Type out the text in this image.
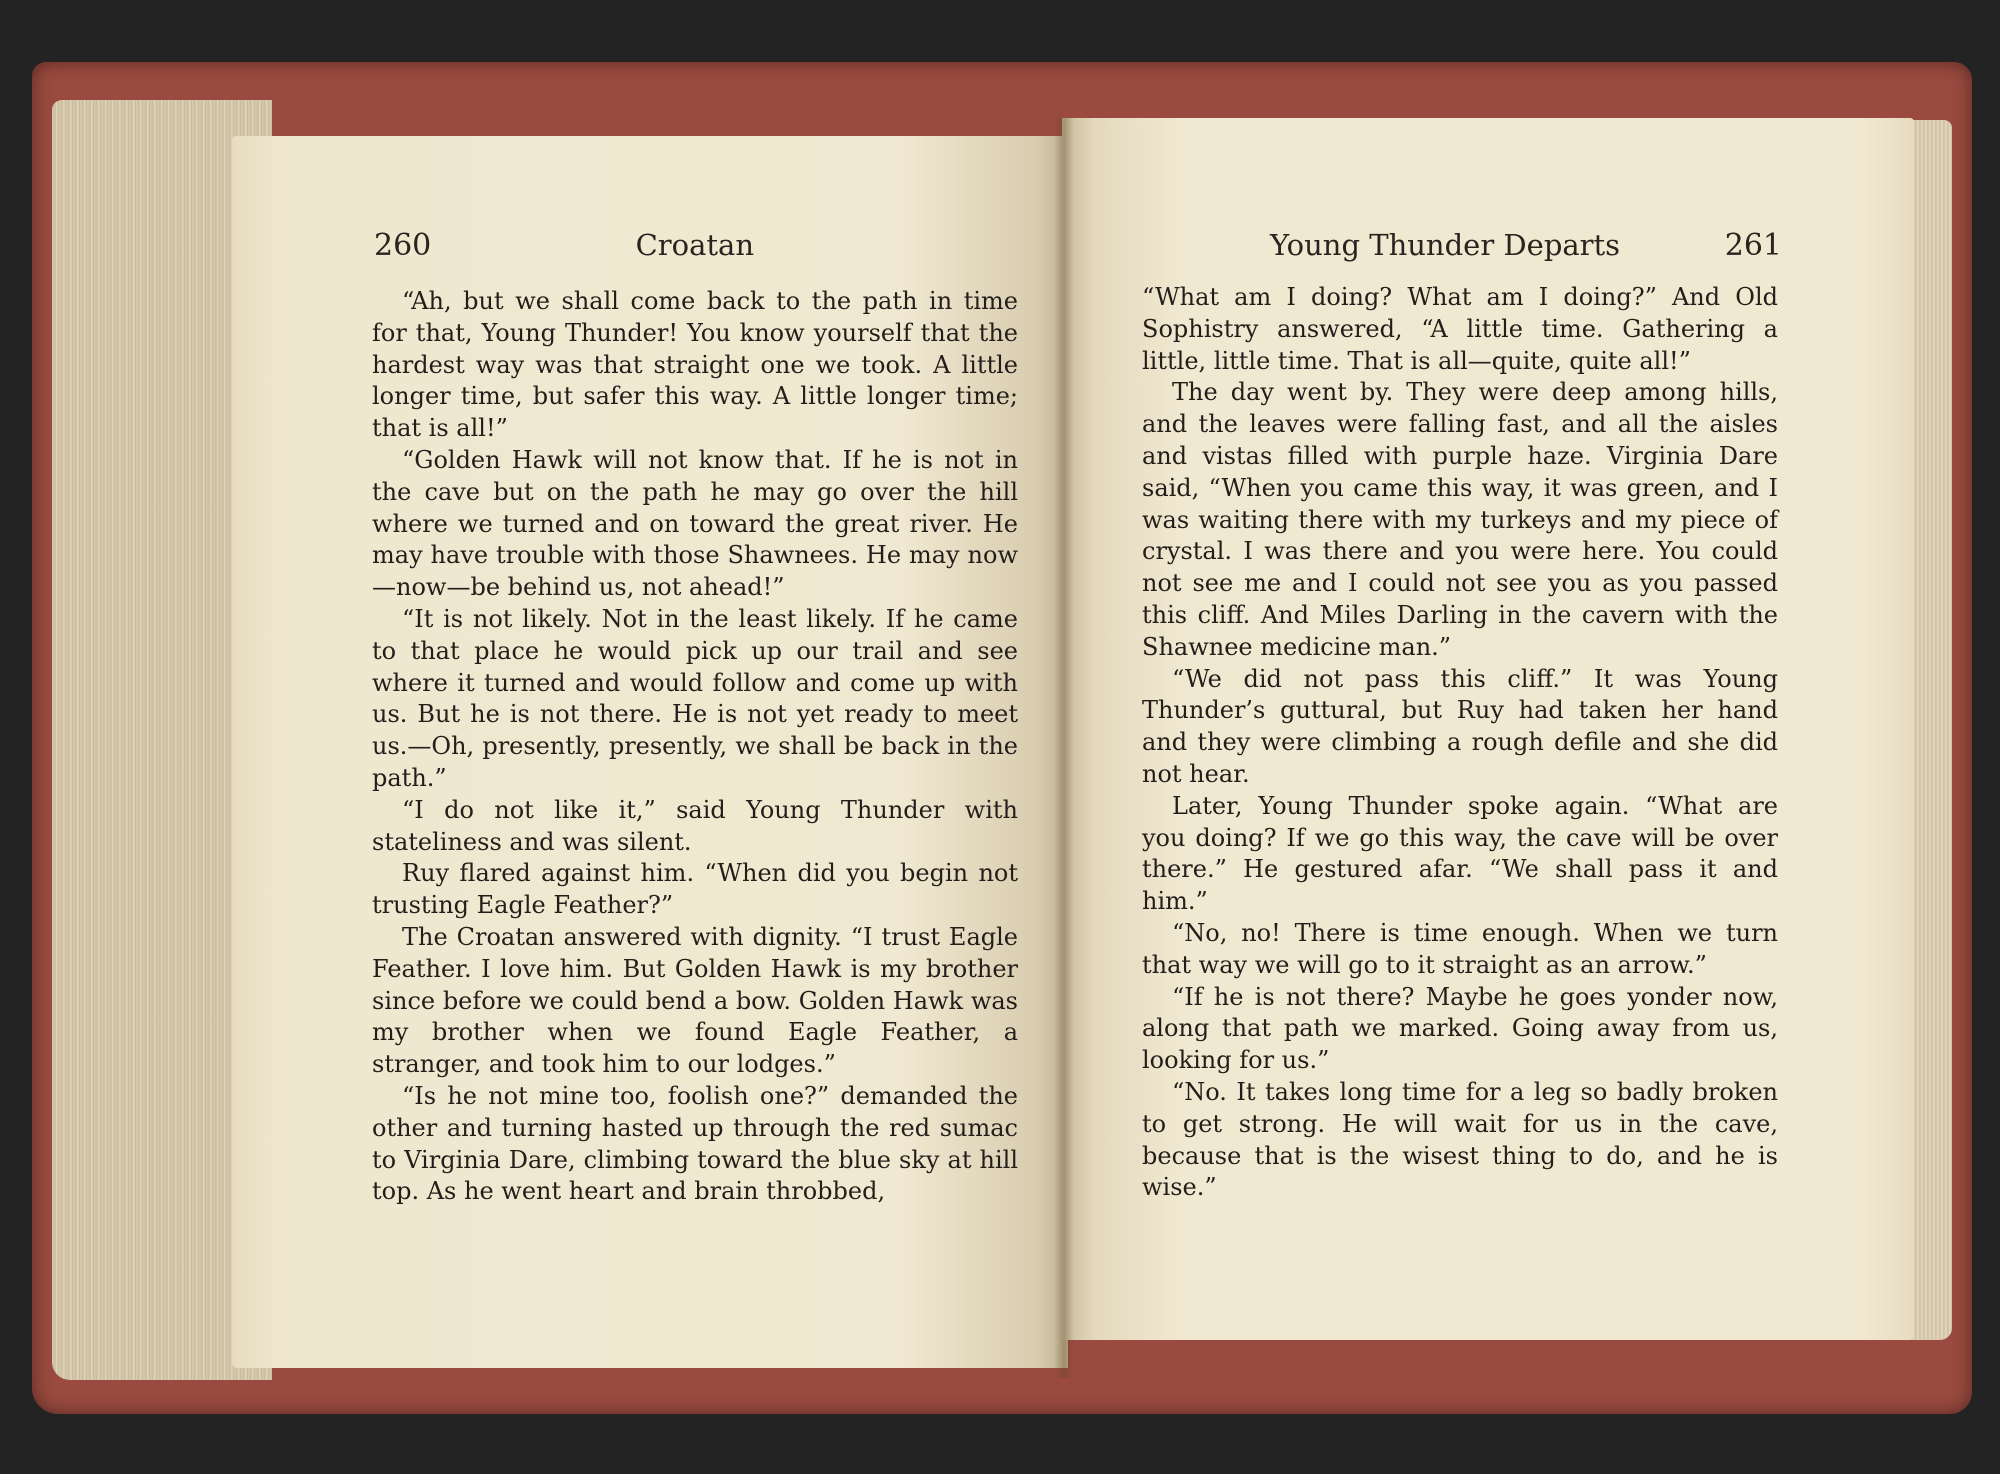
260	Croatan	Young Thunder Departs	261

“Ah, but we shall come back to the path in time for that, Young Thunder! You know yourself that the hardest way was that straight one we took. A little longer time, but safer this way. A little longer time; that is all!”

“Golden Hawk will not know that. If he is not in the cave but on the path he may go over the hill where we turned and on toward the great river. He may have trouble with those Shawnees. He may now—now—be behind us, not ahead!”

“It is not likely. Not in the least likely. If he came to that place he would pick up our trail and see where it turned and would follow and come up with us. But he is not there. He is not yet ready to meet us.—Oh, presently, presently, we shall be back in the path.”

“I do not like it,” said Young Thunder with stateliness and was silent.

Ruy flared against him. “When did you begin not trusting Eagle Feather?”

The Croatan answered with dignity. “I trust Eagle Feather. I love him. But Golden Hawk is my brother since before we could bend a bow. Golden Hawk was my brother when we found Eagle Feather, a stranger, and took him to our lodges.”

“Is he not mine too, foolish one?” demanded the other and turning hasted up through the red sumac to Virginia Dare, climbing toward the blue sky at hill top. As he went heart and brain throbbed,

“What am I doing? What am I doing?” And Old Sophistry answered, “A little time. Gathering a little, little time. That is all—quite, quite all!”

The day went by. They were deep among hills, and the leaves were falling fast, and all the aisles and vistas filled with purple haze. Virginia Dare said, “When you came this way, it was green, and I was waiting there with my turkeys and my piece of crystal. I was there and you were here. You could not see me and I could not see you as you passed this cliff. And Miles Darling in the cavern with the Shawnee medicine man.”

“We did not pass this cliff.” It was Young Thunder’s guttural, but Ruy had taken her hand and they were climbing a rough defile and she did not hear.

Later, Young Thunder spoke again. “What are you doing? If we go this way, the cave will be over there.” He gestured afar. “We shall pass it and him.”

“No, no! There is time enough. When we turn that way we will go to it straight as an arrow.”

“If he is not there? Maybe he goes yonder now, along that path we marked. Going away from us, looking for us.”

“No. It takes long time for a leg so badly broken to get strong. He will wait for us in the cave, because that is the wisest thing to do, and he is wise.”
